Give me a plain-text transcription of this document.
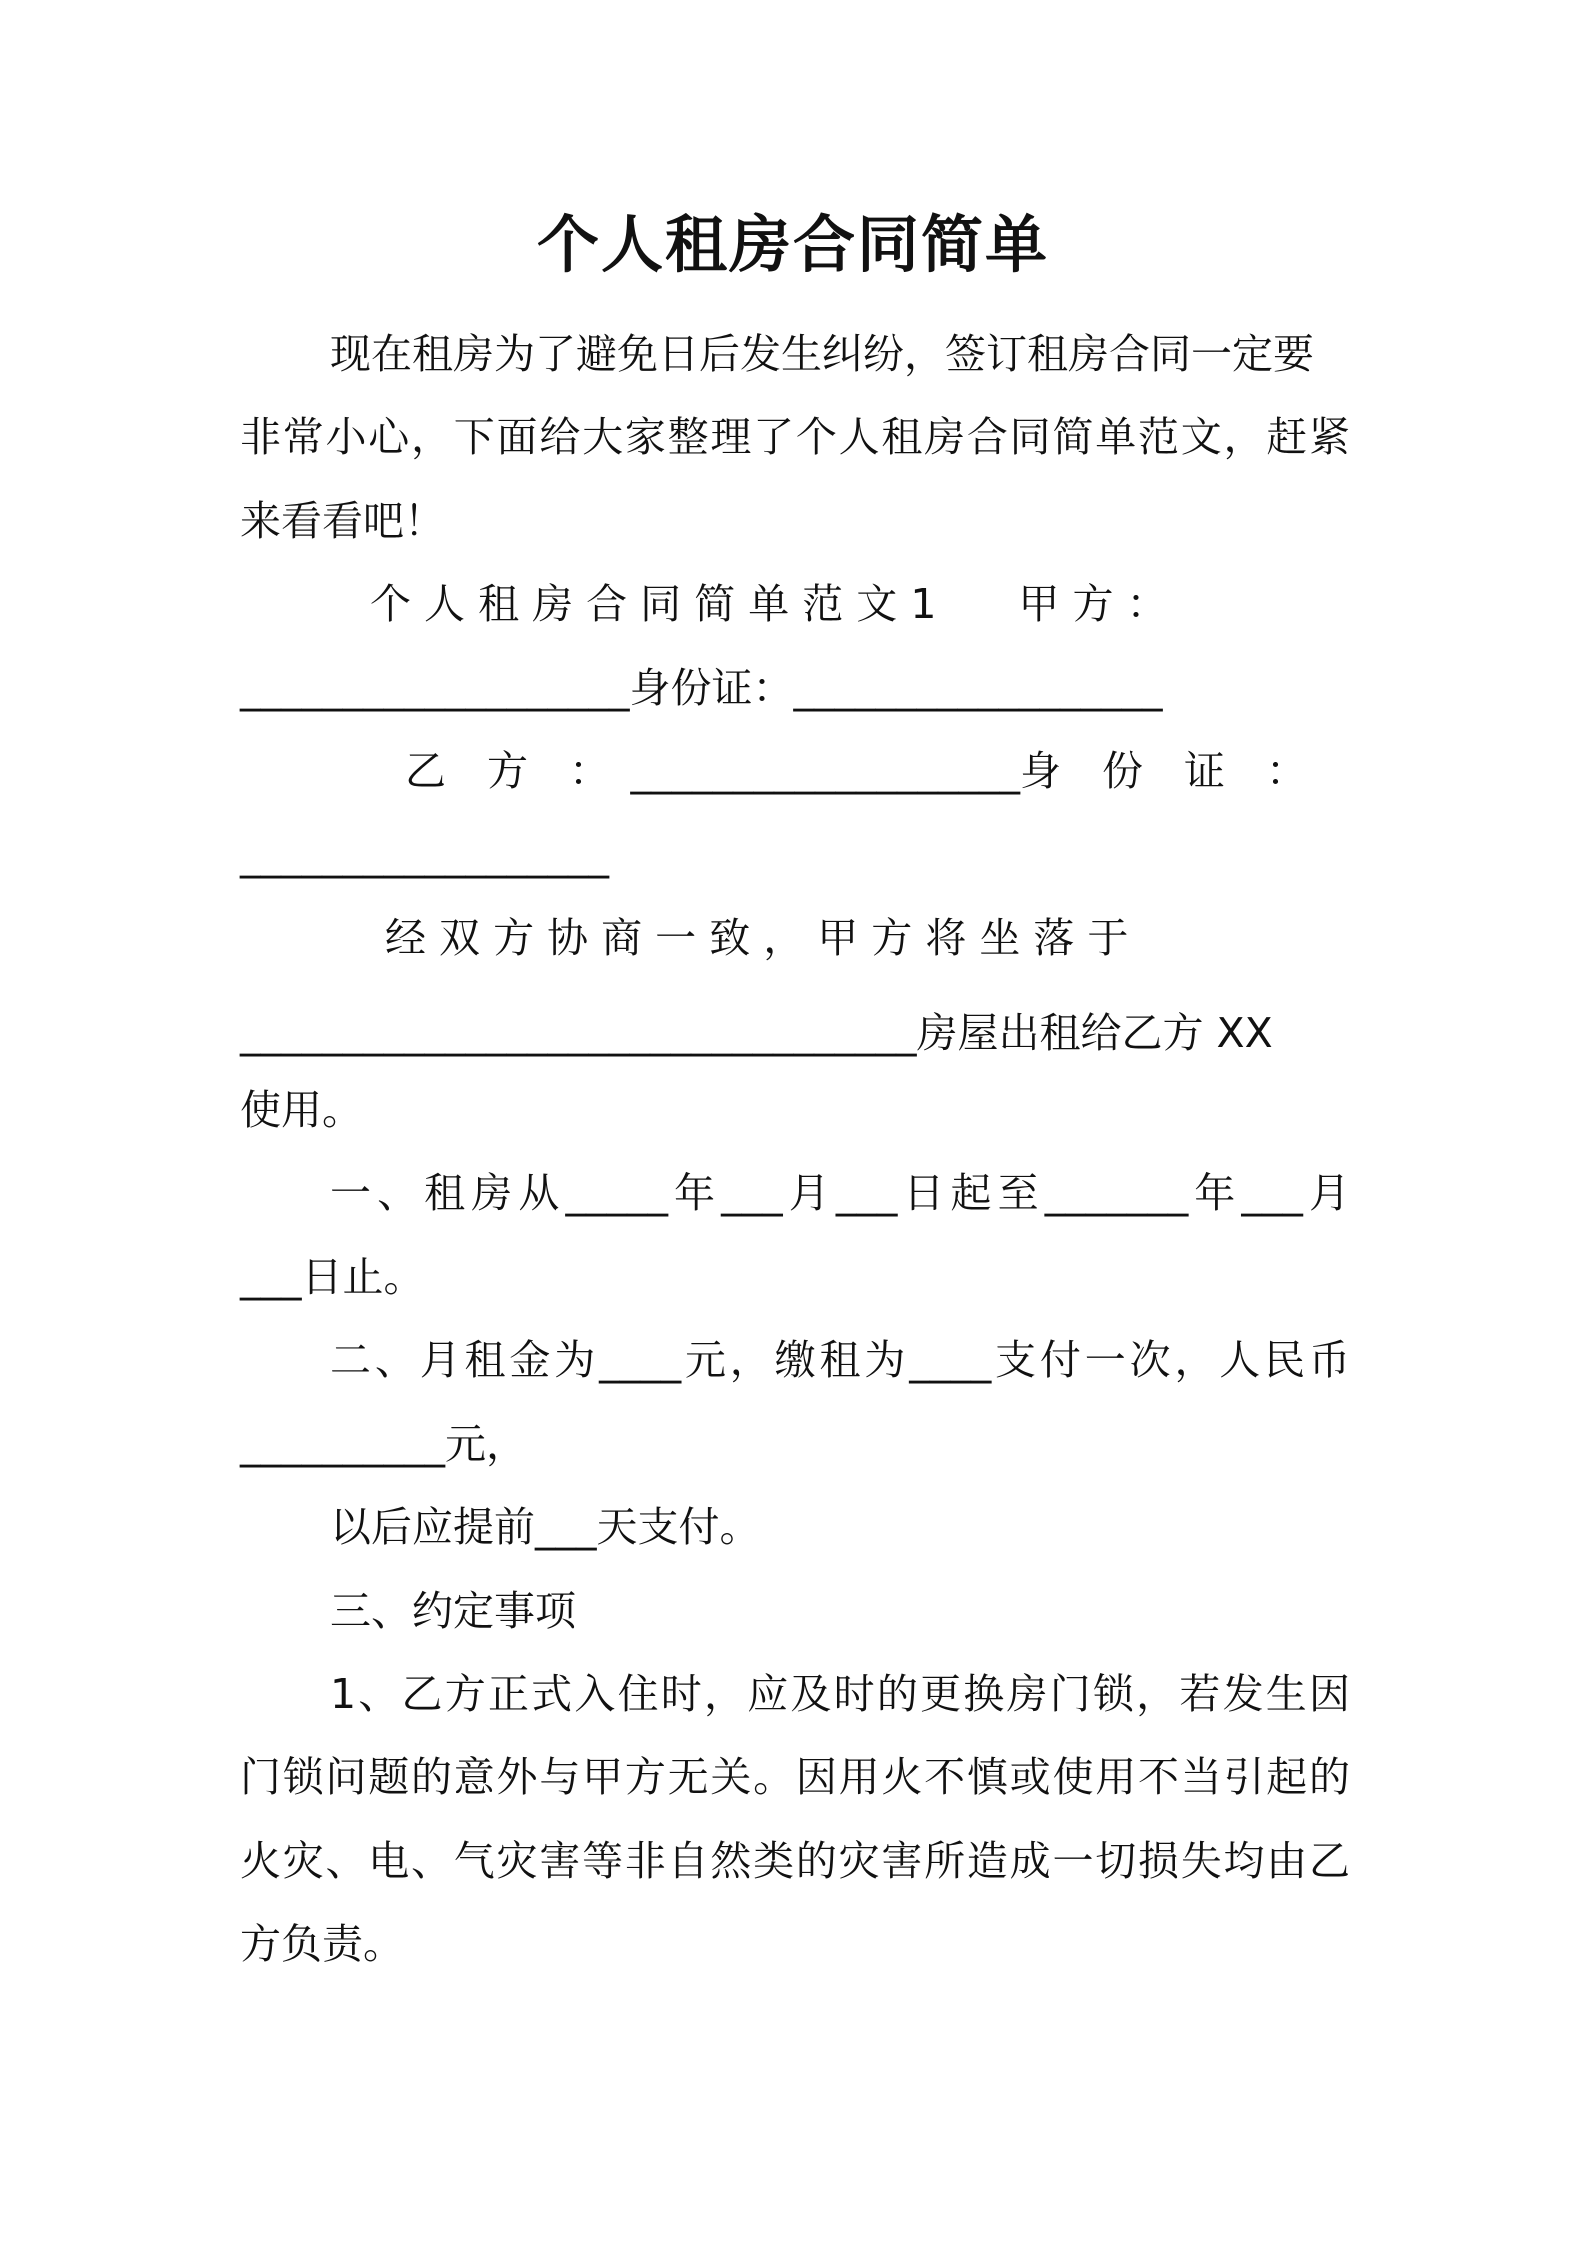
个人租房合同简单
现在租房为了避免日后发生纠纷，签订租房合同一定要
非常小心，下面给大家整理了个人租房合同简单范文，赶紧
来看看吧！
个 人 租 房 合 同 简 单 范 文 1　　甲 方 ：
___________________身份证：__________________
乙　方　：　___________________身　份　证　：
__________________
经 双 方 协 商 一 致 ， 甲 方 将 坐 落 于
_________________________________房屋出租给乙方 XX
使用。
一、租房从_____年___月___日起至_______年___月
___日止。
二、月租金为____元，缴租为____支付一次，人民币
__________元，
以后应提前___天支付。
三、约定事项
1、乙方正式入住时，应及时的更换房门锁，若发生因
门锁问题的意外与甲方无关。因用火不慎或使用不当引起的
火灾、电、气灾害等非自然类的灾害所造成一切损失均由乙
方负责。
